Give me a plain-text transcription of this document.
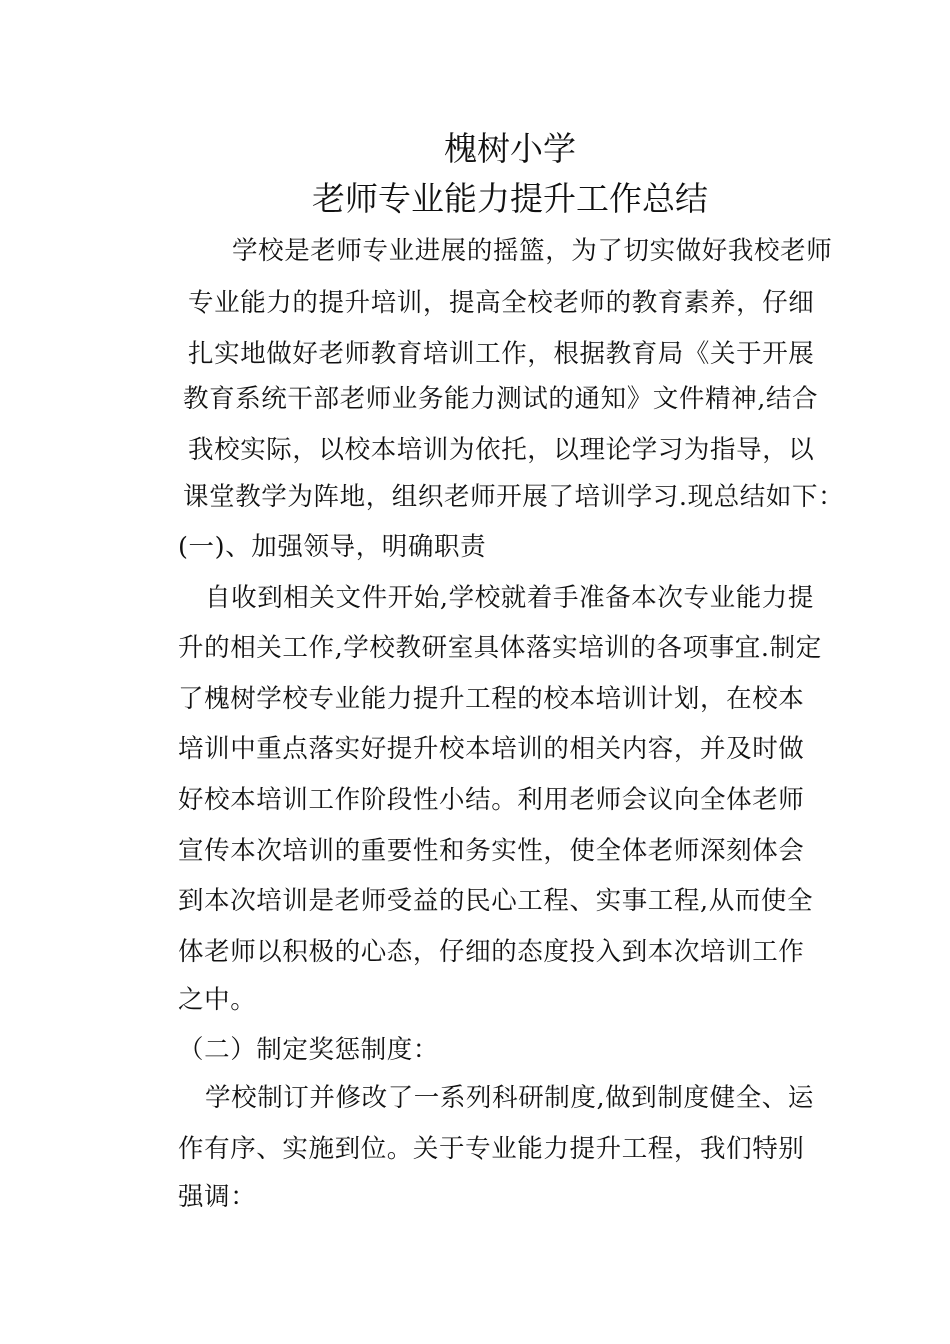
槐树小学
老师专业能力提升工作总结
学校是老师专业进展的摇篮，为了切实做好我校老师
专业能力的提升培训，提高全校老师的教育素养，仔细
扎实地做好老师教育培训工作，根据教育局《关于开展
教育系统干部老师业务能力测试的通知》文件精神,结合
我校实际，以校本培训为依托，以理论学习为指导，以
课堂教学为阵地，组织老师开展了培训学习.现总结如下：
(一)、加强领导，明确职责
自收到相关文件开始,学校就着手准备本次专业能力提
升的相关工作,学校教研室具体落实培训的各项事宜.制定
了槐树学校专业能力提升工程的校本培训计划，在校本
培训中重点落实好提升校本培训的相关内容，并及时做
好校本培训工作阶段性小结。利用老师会议向全体老师
宣传本次培训的重要性和务实性，使全体老师深刻体会
到本次培训是老师受益的民心工程、实事工程,从而使全
体老师以积极的心态，仔细的态度投入到本次培训工作
之中。
（二）制定奖惩制度：
学校制订并修改了一系列科研制度,做到制度健全、运
作有序、实施到位。关于专业能力提升工程，我们特别
强调：
